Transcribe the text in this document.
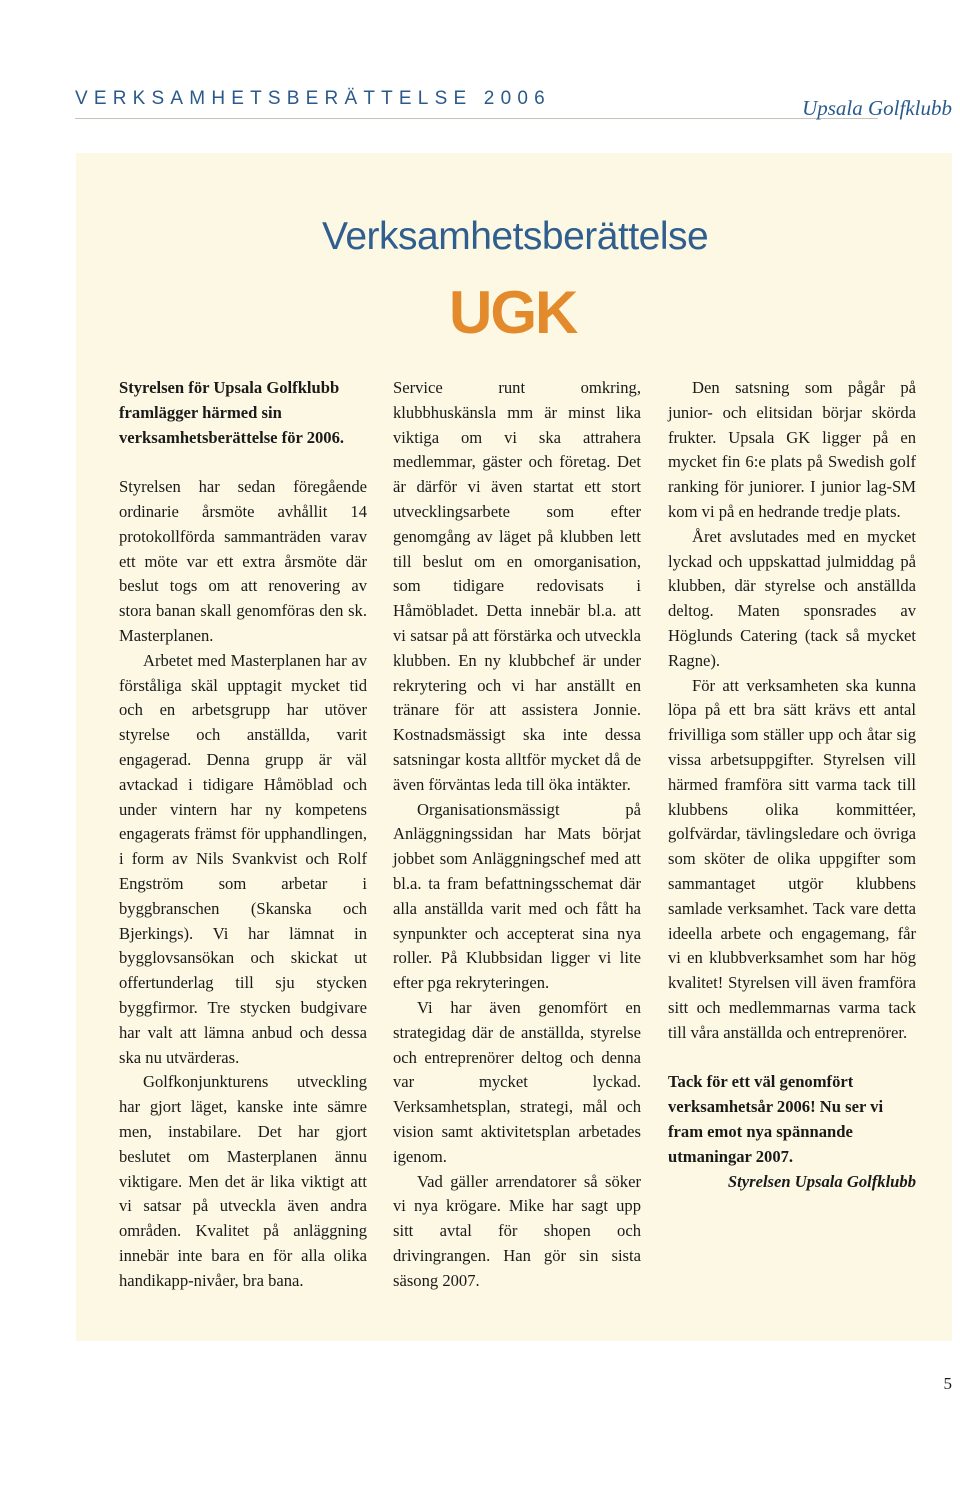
VERKSAMHETSBERÄTTELSE 2006	Upsala Golfklubb
Verksamhetsberättelse
UGK

Styrelsen för Upsala Golfklubb framlägger härmed sin verksamhetsberättelse för 2006.

Styrelsen har sedan föregående ordinarie årsmöte avhållit 14 protokollförda sammanträden varav ett möte var ett extra årsmöte där beslut togs om att renovering av stora banan skall genomföras den sk. Masterplanen.

Arbetet med Masterplanen har av förståliga skäl upptagit mycket tid och en arbetsgrupp har utöver styrelse och anställda, varit engagerad. Denna grupp är väl avtackad i tidigare Håmöblad och under vintern har ny kompetens engagerats främst för upphandlingen, i form av Nils Svankvist och Rolf Engström som arbetar i byggbranschen (Skanska och Bjerkings). Vi har lämnat in bygglovsansökan och skickat ut offertunderlag till sju stycken byggfirmor. Tre stycken budgivare har valt att lämna anbud och dessa ska nu utvärderas.

Golfkonjunkturens utveckling har gjort läget, kanske inte sämre men, instabilare. Det har gjort beslutet om Masterplanen ännu viktigare. Men det är lika viktigt att vi satsar på utveckla även andra områden. Kvalitet på anläggning innebär inte bara en för alla olika handikapp-nivåer, bra bana.

Service runt omkring, klubbhuskänsla mm är minst lika viktiga om vi ska attrahera medlemmar, gäster och företag. Det är därför vi även startat ett stort utvecklingsarbete som efter genomgång av läget på klubben lett till beslut om en omorganisation, som tidigare redovisats i Håmöbladet. Detta innebär bl.a. att vi satsar på att förstärka och utveckla klubben. En ny klubbchef är under rekrytering och vi har anställt en tränare för att assistera Jonnie. Kostnadsmässigt ska inte dessa satsningar kosta alltför mycket då de även förväntas leda till öka intäkter.

Organisationsmässigt på Anläggningssidan har Mats börjat jobbet som Anläggningschef med att bl.a. ta fram befattningsschemat där alla anställda varit med och fått ha synpunkter och accepterat sina nya roller. På Klubbsidan ligger vi lite efter pga rekryteringen.

Vi har även genomfört en strategidag där de anställda, styrelse och entreprenörer deltog och denna var mycket lyckad. Verksamhetsplan, strategi, mål och vision samt aktivitetsplan arbetades igenom.

Vad gäller arrendatorer så söker vi nya krögare. Mike har sagt upp sitt avtal för shopen och drivingrangen. Han gör sin sista säsong 2007.

Den satsning som pågår på junior- och elitsidan börjar skörda frukter. Upsala GK ligger på en mycket fin 6:e plats på Swedish golf ranking för juniorer. I junior lag-SM kom vi på en hedrande tredje plats.

Året avslutades med en mycket lyckad och uppskattad julmiddag på klubben, där styrelse och anställda deltog. Maten sponsrades av Höglunds Catering (tack så mycket Ragne).

För att verksamheten ska kunna löpa på ett bra sätt krävs ett antal frivilliga som ställer upp och åtar sig vissa arbetsuppgifter. Styrelsen vill härmed framföra sitt varma tack till klubbens olika kommittéer, golfvärdar, tävlingsledare och övriga som sköter de olika uppgifter som sammantaget utgör klubbens samlade verksamhet. Tack vare detta ideella arbete och engagemang, får vi en klubbverksamhet som har hög kvalitet! Styrelsen vill även framföra sitt och medlemmarnas varma tack till våra anställda och entreprenörer.

Tack för ett väl genomfört verksamhetsår 2006! Nu ser vi fram emot nya spännande utmaningar 2007.

Styrelsen Upsala Golfklubb

5
